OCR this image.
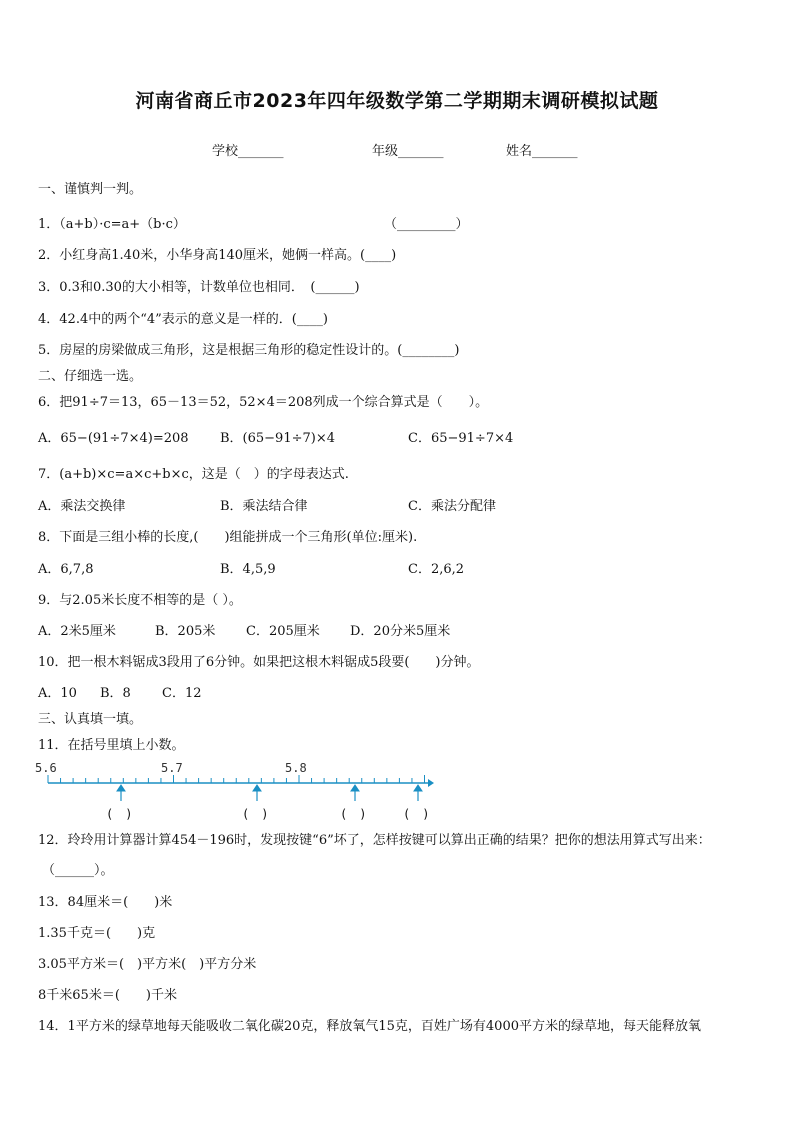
河南省商丘市2023年四年级数学第二学期期末调研模拟试题
学校_______	年级_______	姓名_______
一、谨慎判一判。
1．（a+b）·c=a+（b·c）	（_________）
2．小红身高1.40米，小华身高140厘米，她俩一样高。(____)
3．0.3和0.30的大小相等，计数单位也相同．　(______)
4．42.4中的两个“4”表示的意义是一样的．(____)
5．房屋的房梁做成三角形，这是根据三角形的稳定性设计的。(________)
二、仔细选一选。
6．把91÷7＝13，65－13＝52，52×4＝208列成一个综合算式是（　　）。
A．65−(91÷7×4)=208 B．(65−91÷7)×4	C．65−91÷7×4
7．(a+b)×c=a×c+b×c，这是（　）的字母表达式.
A．乘法交换律	B．乘法结合律	C．乘法分配律
8．下面是三组小棒的长度,(　　)组能拼成一个三角形(单位:厘米).
A．6,7,8	B．4,5,9	C．2,6,2
9．与2.05米长度不相等的是（ ）。
A．2米5厘米	B．205米 C．205厘米 D．20分米5厘米
10．把一根木料锯成3段用了6分钟。如果把这根木料锯成5段要(　　)分钟。
A．10 B．8 C．12
三、认真填一填。
11．在括号里填上小数。
5.6	5.7	5.8
(　)	(　)	(　)	(　)
12．玲玲用计算器计算454－196时，发现按键“6”坏了，怎样按键可以算出正确的结果？把你的想法用算式写出来：
（______）。
13．84厘米＝(　　)米
1.35千克＝(　　)克
3.05平方米＝(　)平方米(　)平方分米
8千米65米＝(　　)千米
14．1平方米的绿草地每天能吸收二氧化碳20克，释放氧气15克，百姓广场有4000平方米的绿草地，每天能释放氧
